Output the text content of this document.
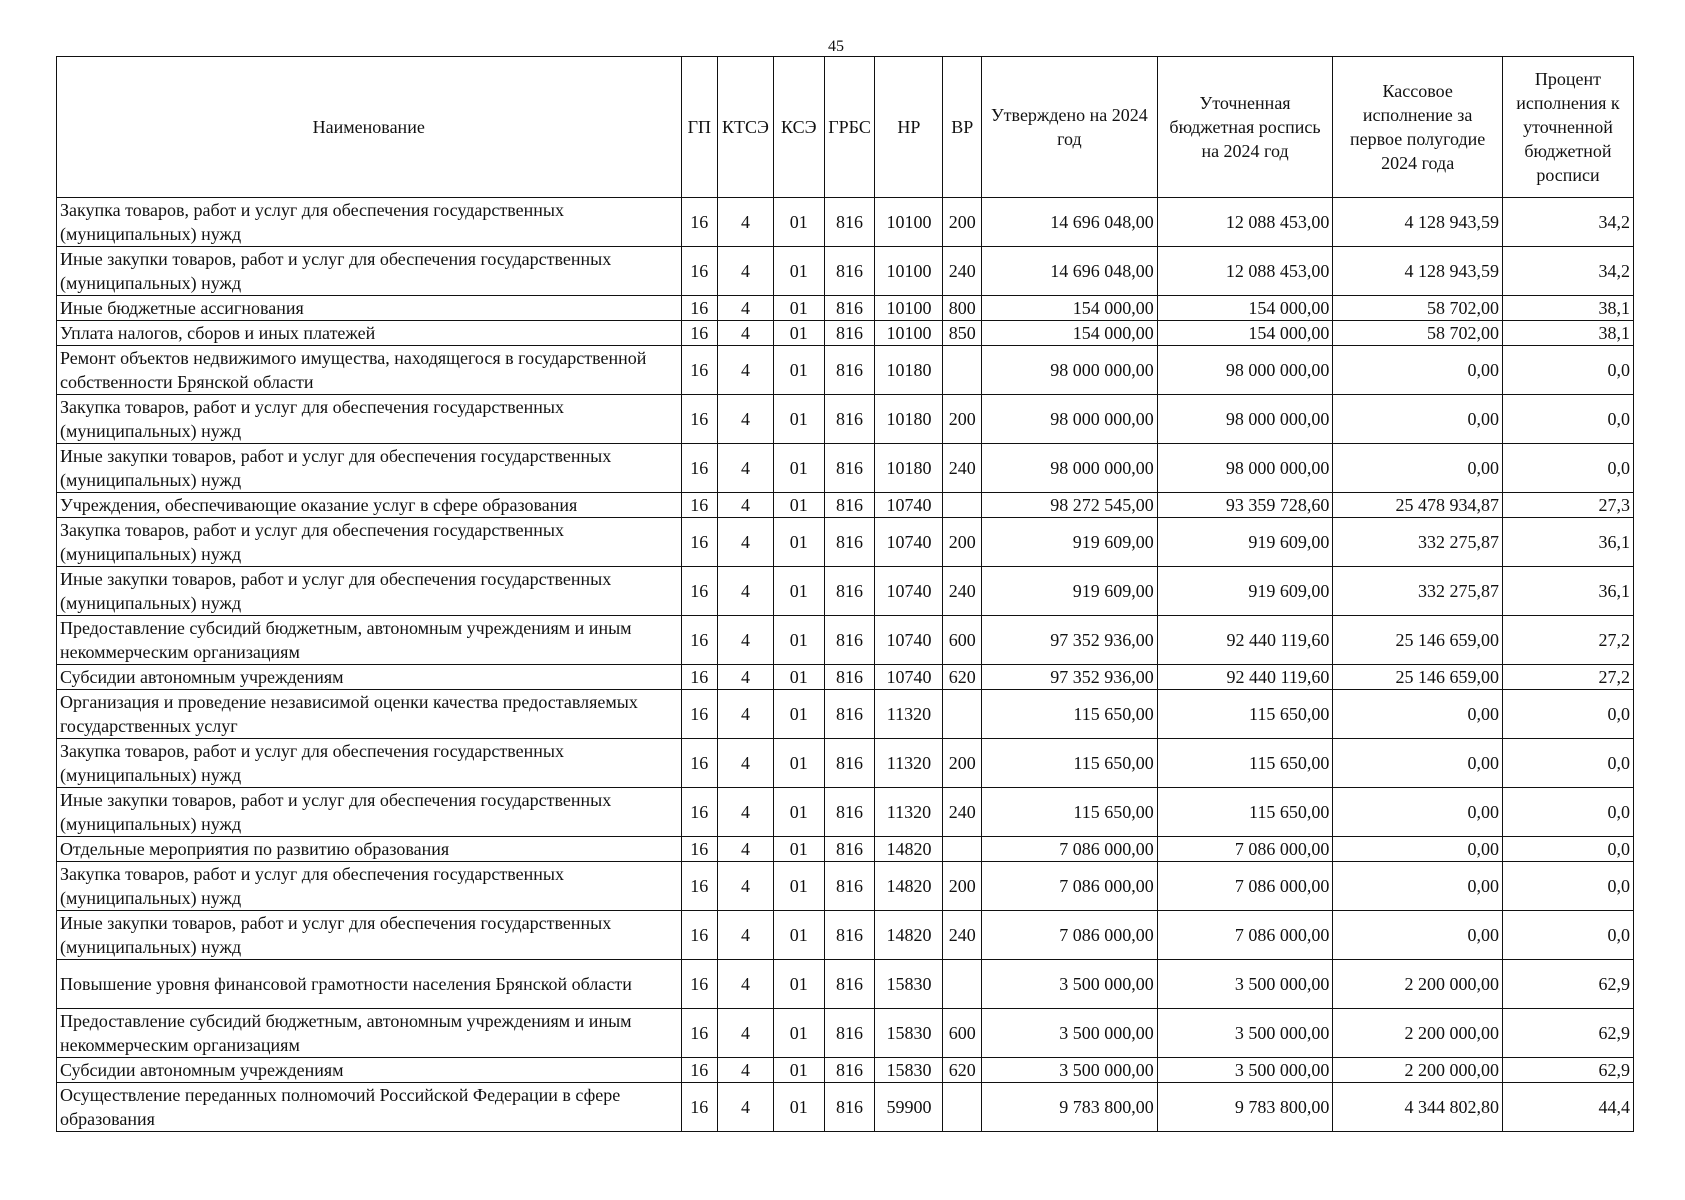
45
Наименование	ГП	КТСЭ	КСЭ	ГРБС	НР	ВР	Утверждено на 2024 год	Уточненная бюджетная роспись на 2024 год	Кассовое исполнение за первое полугодие 2024 года	Процент исполнения к уточненной бюджетной росписи
Закупка товаров, работ и услуг для обеспечения государственных (муниципальных) нужд	16	4	01	816	10100	200	14 696 048,00	12 088 453,00	4 128 943,59	34,2
Иные закупки товаров, работ и услуг для обеспечения государственных (муниципальных) нужд	16	4	01	816	10100	240	14 696 048,00	12 088 453,00	4 128 943,59	34,2
Иные бюджетные ассигнования	16	4	01	816	10100	800	154 000,00	154 000,00	58 702,00	38,1
Уплата налогов, сборов и иных платежей	16	4	01	816	10100	850	154 000,00	154 000,00	58 702,00	38,1
Ремонт объектов недвижимого имущества, находящегося в государственной собственности Брянской области	16	4	01	816	10180		98 000 000,00	98 000 000,00	0,00	0,0
Закупка товаров, работ и услуг для обеспечения государственных (муниципальных) нужд	16	4	01	816	10180	200	98 000 000,00	98 000 000,00	0,00	0,0
Иные закупки товаров, работ и услуг для обеспечения государственных (муниципальных) нужд	16	4	01	816	10180	240	98 000 000,00	98 000 000,00	0,00	0,0
Учреждения, обеспечивающие оказание услуг в сфере образования	16	4	01	816	10740		98 272 545,00	93 359 728,60	25 478 934,87	27,3
Закупка товаров, работ и услуг для обеспечения государственных (муниципальных) нужд	16	4	01	816	10740	200	919 609,00	919 609,00	332 275,87	36,1
Иные закупки товаров, работ и услуг для обеспечения государственных (муниципальных) нужд	16	4	01	816	10740	240	919 609,00	919 609,00	332 275,87	36,1
Предоставление субсидий бюджетным, автономным учреждениям и иным некоммерческим организациям	16	4	01	816	10740	600	97 352 936,00	92 440 119,60	25 146 659,00	27,2
Субсидии автономным учреждениям	16	4	01	816	10740	620	97 352 936,00	92 440 119,60	25 146 659,00	27,2
Организация и проведение независимой оценки качества предоставляемых государственных услуг	16	4	01	816	11320		115 650,00	115 650,00	0,00	0,0
Закупка товаров, работ и услуг для обеспечения государственных (муниципальных) нужд	16	4	01	816	11320	200	115 650,00	115 650,00	0,00	0,0
Иные закупки товаров, работ и услуг для обеспечения государственных (муниципальных) нужд	16	4	01	816	11320	240	115 650,00	115 650,00	0,00	0,0
Отдельные мероприятия по развитию образования	16	4	01	816	14820		7 086 000,00	7 086 000,00	0,00	0,0
Закупка товаров, работ и услуг для обеспечения государственных (муниципальных) нужд	16	4	01	816	14820	200	7 086 000,00	7 086 000,00	0,00	0,0
Иные закупки товаров, работ и услуг для обеспечения государственных (муниципальных) нужд	16	4	01	816	14820	240	7 086 000,00	7 086 000,00	0,00	0,0
Повышение уровня финансовой грамотности населения Брянской области	16	4	01	816	15830		3 500 000,00	3 500 000,00	2 200 000,00	62,9
Предоставление субсидий бюджетным, автономным учреждениям и иным некоммерческим организациям	16	4	01	816	15830	600	3 500 000,00	3 500 000,00	2 200 000,00	62,9
Субсидии автономным учреждениям	16	4	01	816	15830	620	3 500 000,00	3 500 000,00	2 200 000,00	62,9
Осуществление переданных полномочий Российской Федерации в сфере образования	16	4	01	816	59900		9 783 800,00	9 783 800,00	4 344 802,80	44,4
